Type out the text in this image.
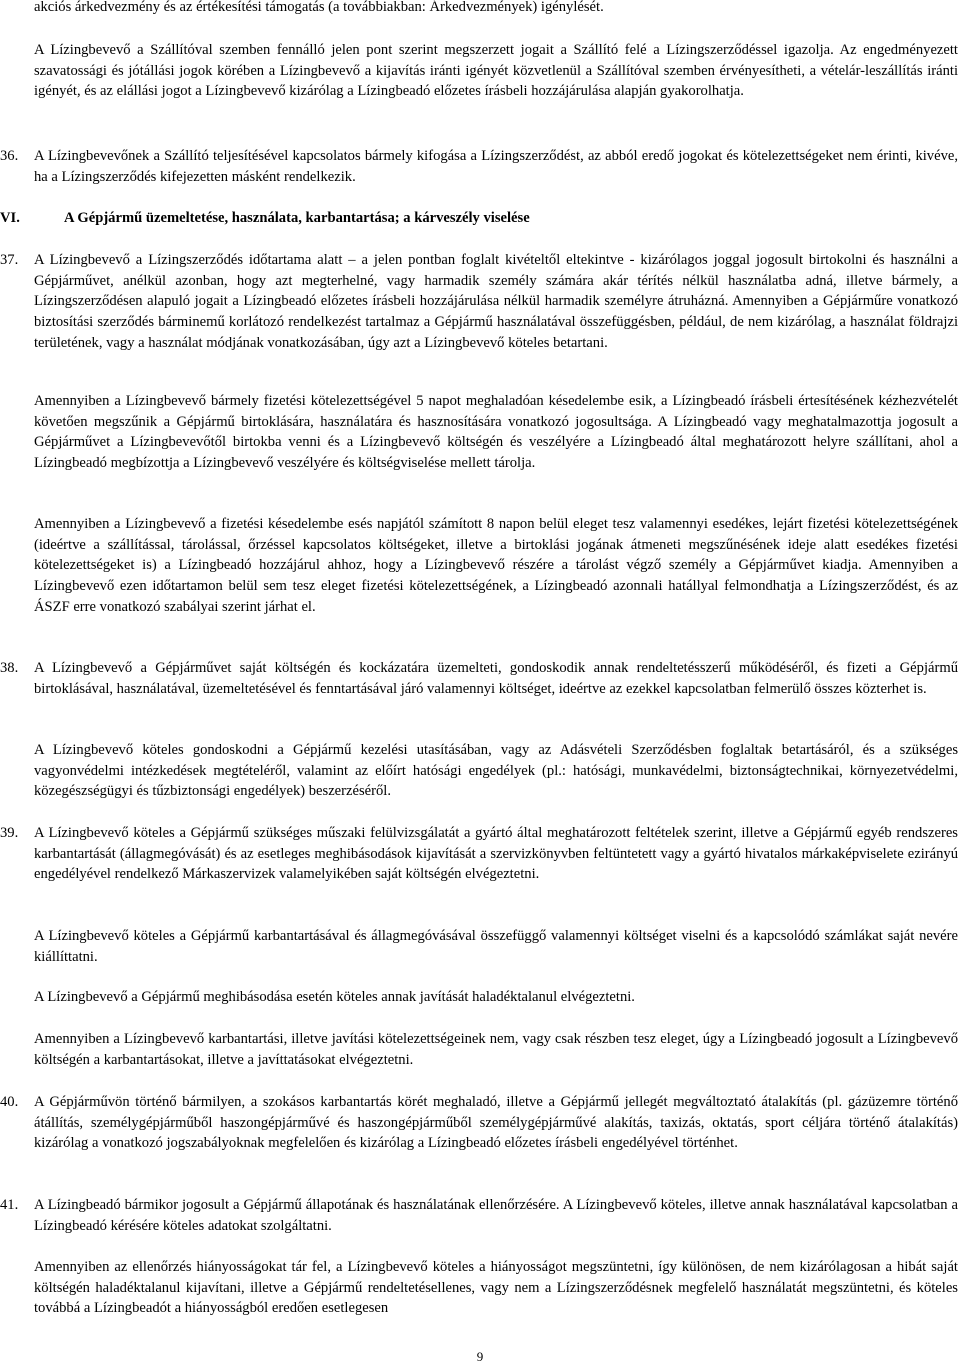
akciós árkedvezmény és az értékesítési támogatás (a továbbiakban: Árkedvezmények) igénylését.

A Lízingbevevő a Szállítóval szemben fennálló jelen pont szerint megszerzett jogait a Szállító felé a Lízingszerződéssel igazolja. Az engedményezett szavatossági és jótállási jogok körében a Lízingbevevő a kijavítás iránti igényét közvetlenül a Szállítóval szemben érvényesítheti, a vételár-leszállítás iránti igényét, és az elállási jogot a Lízingbevevő kizárólag a Lízingbeadó előzetes írásbeli hozzájárulása alapján gyakorolhatja.

36. A Lízingbevevőnek a Szállító teljesítésével kapcsolatos bármely kifogása a Lízingszerződést, az abból eredő jogokat és kötelezettségeket nem érinti, kivéve, ha a Lízingszerződés kifejezetten másként rendelkezik.

VI.	A Gépjármű üzemeltetése, használata, karbantartása; a kárveszély viselése
37. A Lízingbevevő a Lízingszerződés időtartama alatt – a jelen pontban foglalt kivételtől eltekintve - kizárólagos joggal jogosult birtokolni és használni a Gépjárművet, anélkül azonban, hogy azt megterhelné, vagy harmadik személy számára akár térítés nélkül használatba adná, illetve bármely, a Lízingszerződésen alapuló jogait a Lízingbeadó előzetes írásbeli hozzájárulása nélkül harmadik személyre átruházná. Amennyiben a Gépjárműre vonatkozó biztosítási szerződés bárminemű korlátozó rendelkezést tartalmaz a Gépjármű használatával összefüggésben, például, de nem kizárólag, a használat földrajzi területének, vagy a használat módjának vonatkozásában, úgy azt a Lízingbevevő köteles betartani.

Amennyiben a Lízingbevevő bármely fizetési kötelezettségével 5 napot meghaladóan késedelembe esik, a Lízingbeadó írásbeli értesítésének kézhezvételét követően megszűnik a Gépjármű birtoklására, használatára és hasznosítására vonatkozó jogosultsága. A Lízingbeadó vagy meghatalmazottja jogosult a Gépjárművet a Lízingbevevőtől birtokba venni és a Lízingbevevő költségén és veszélyére a Lízingbeadó által meghatározott helyre szállítani, ahol a Lízingbeadó megbízottja a Lízingbevevő veszélyére és költségviselése mellett tárolja.

Amennyiben a Lízingbevevő a fizetési késedelembe esés napjától számított 8 napon belül eleget tesz valamennyi esedékes, lejárt fizetési kötelezettségének (ideértve a szállítással, tárolással, őrzéssel kapcsolatos költségeket, illetve a birtoklási jogának átmeneti megszűnésének ideje alatt esedékes fizetési kötelezettségeket is) a Lízingbeadó hozzájárul ahhoz, hogy a Lízingbevevő részére a tárolást végző személy a Gépjárművet kiadja. Amennyiben a Lízingbevevő ezen időtartamon belül sem tesz eleget fizetési kötelezettségének, a Lízingbeadó azonnali hatállyal felmondhatja a Lízingszerződést, és az ÁSZF erre vonatkozó szabályai szerint járhat el.

38. A Lízingbevevő a Gépjárművet saját költségén és kockázatára üzemelteti, gondoskodik annak rendeltetésszerű működéséről, és fizeti a Gépjármű birtoklásával, használatával, üzemeltetésével és fenntartásával járó valamennyi költséget, ideértve az ezekkel kapcsolatban felmerülő összes közterhet is.

A Lízingbevevő köteles gondoskodni a Gépjármű kezelési utasításában, vagy az Adásvételi Szerződésben foglaltak betartásáról, és a szükséges vagyonvédelmi intézkedések megtételéről, valamint az előírt hatósági engedélyek (pl.: hatósági, munkavédelmi, biztonságtechnikai, környezetvédelmi, közegészségügyi és tűzbiztonsági engedélyek) beszerzéséről.

39. A Lízingbevevő köteles a Gépjármű szükséges műszaki felülvizsgálatát a gyártó által meghatározott feltételek szerint, illetve a Gépjármű egyéb rendszeres karbantartását (állagmegóvását) és az esetleges meghibásodások kijavítását a szervizkönyvben feltüntetett vagy a gyártó hivatalos márkaképviselete ezirányú engedélyével rendelkező Márkaszervizek valamelyikében saját költségén elvégeztetni.

A Lízingbevevő köteles a Gépjármű karbantartásával és állagmegóvásával összefüggő valamennyi költséget viselni és a kapcsolódó számlákat saját nevére kiállíttatni.

A Lízingbevevő a Gépjármű meghibásodása esetén köteles annak javítását haladéktalanul elvégeztetni.

Amennyiben a Lízingbevevő karbantartási, illetve javítási kötelezettségeinek nem, vagy csak részben tesz eleget, úgy a Lízingbeadó jogosult a Lízingbevevő költségén a karbantartásokat, illetve a javíttatásokat elvégeztetni.

40. A Gépjárművön történő bármilyen, a szokásos karbantartás körét meghaladó, illetve a Gépjármű jellegét megváltoztató átalakítás (pl. gázüzemre történő átállítás, személygépjárműből haszongépjárművé és haszongépjárműből személygépjárművé alakítás, taxizás, oktatás, sport céljára történő átalakítás) kizárólag a vonatkozó jogszabályoknak megfelelően és kizárólag a Lízingbeadó előzetes írásbeli engedélyével történhet.

41. A Lízingbeadó bármikor jogosult a Gépjármű állapotának és használatának ellenőrzésére. A Lízingbevevő köteles, illetve annak használatával kapcsolatban a Lízingbeadó kérésére köteles adatokat szolgáltatni.

Amennyiben az ellenőrzés hiányosságokat tár fel, a Lízingbevevő köteles a hiányosságot megszüntetni, így különösen, de nem kizárólagosan a hibát saját költségén haladéktalanul kijavítani, illetve a Gépjármű rendeltetésellenes, vagy nem a Lízingszerződésnek megfelelő használatát megszüntetni, és köteles továbbá a Lízingbeadót a hiányosságból eredően esetlegesen

9
